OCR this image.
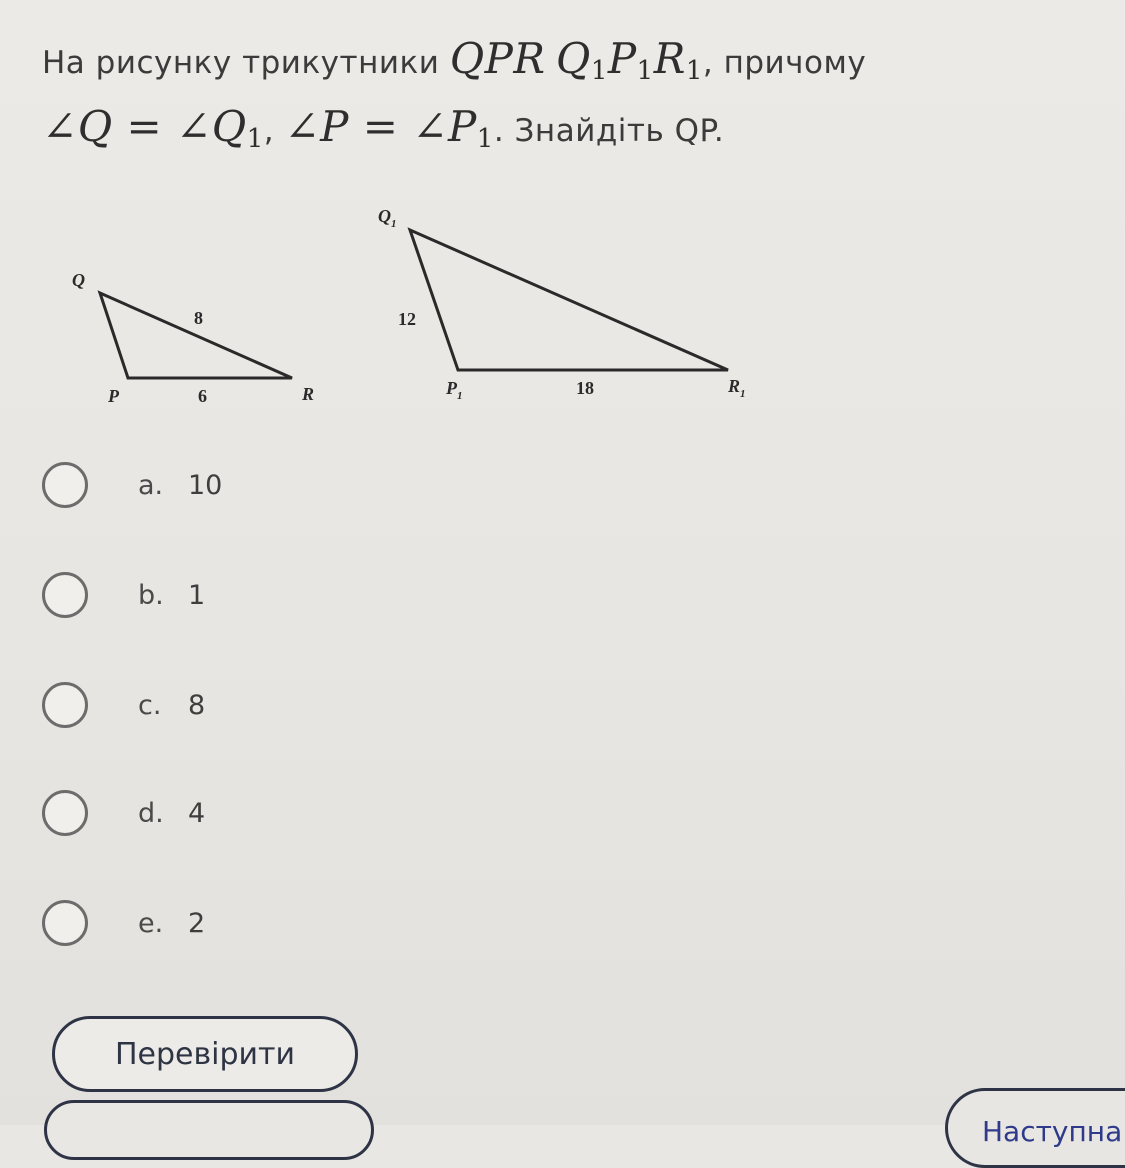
На рисунку трикутники QPR $Q_1P_1R_1$, причому
∠Q = $\angle Q_1$, ∠P = $\angle P_1$. Знайдіть QP.
Q
P	R
8
6
$Q_1$
$P_1$	$R_1$
12
18
a. 10
b. 1
c. 8
d. 4
e. 2
Перевірити
Наступна
